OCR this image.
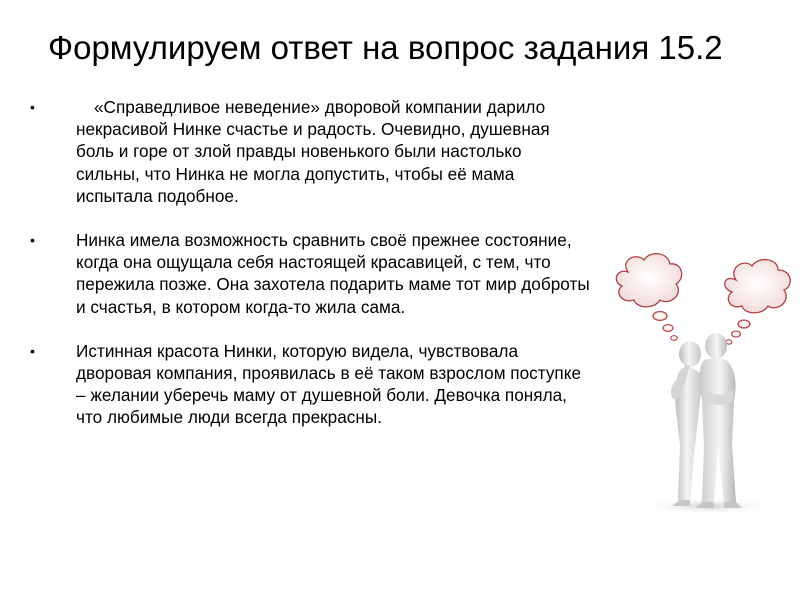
Формулируем ответ на вопрос задания 15.2
•	«Справедливое неведение» дворовой компании дарило некрасивой Нинке счастье и радость. Очевидно, душевная боль и горе от злой правды новенького были настолько сильны, что Нинка не могла допустить, чтобы её мама испытала подобное.
•	Нинка имела возможность сравнить своё прежнее состояние, когда она ощущала себя настоящей красавицей, с тем, что пережила позже. Она захотела подарить маме тот мир доброты и счастья, в котором когда-то жила сама.
•	Истинная красота Нинки, которую видела, чувствовала дворовая компания, проявилась в её таком взрослом поступке – желании уберечь маму от душевной боли. Девочка поняла, что любимые люди всегда прекрасны.
